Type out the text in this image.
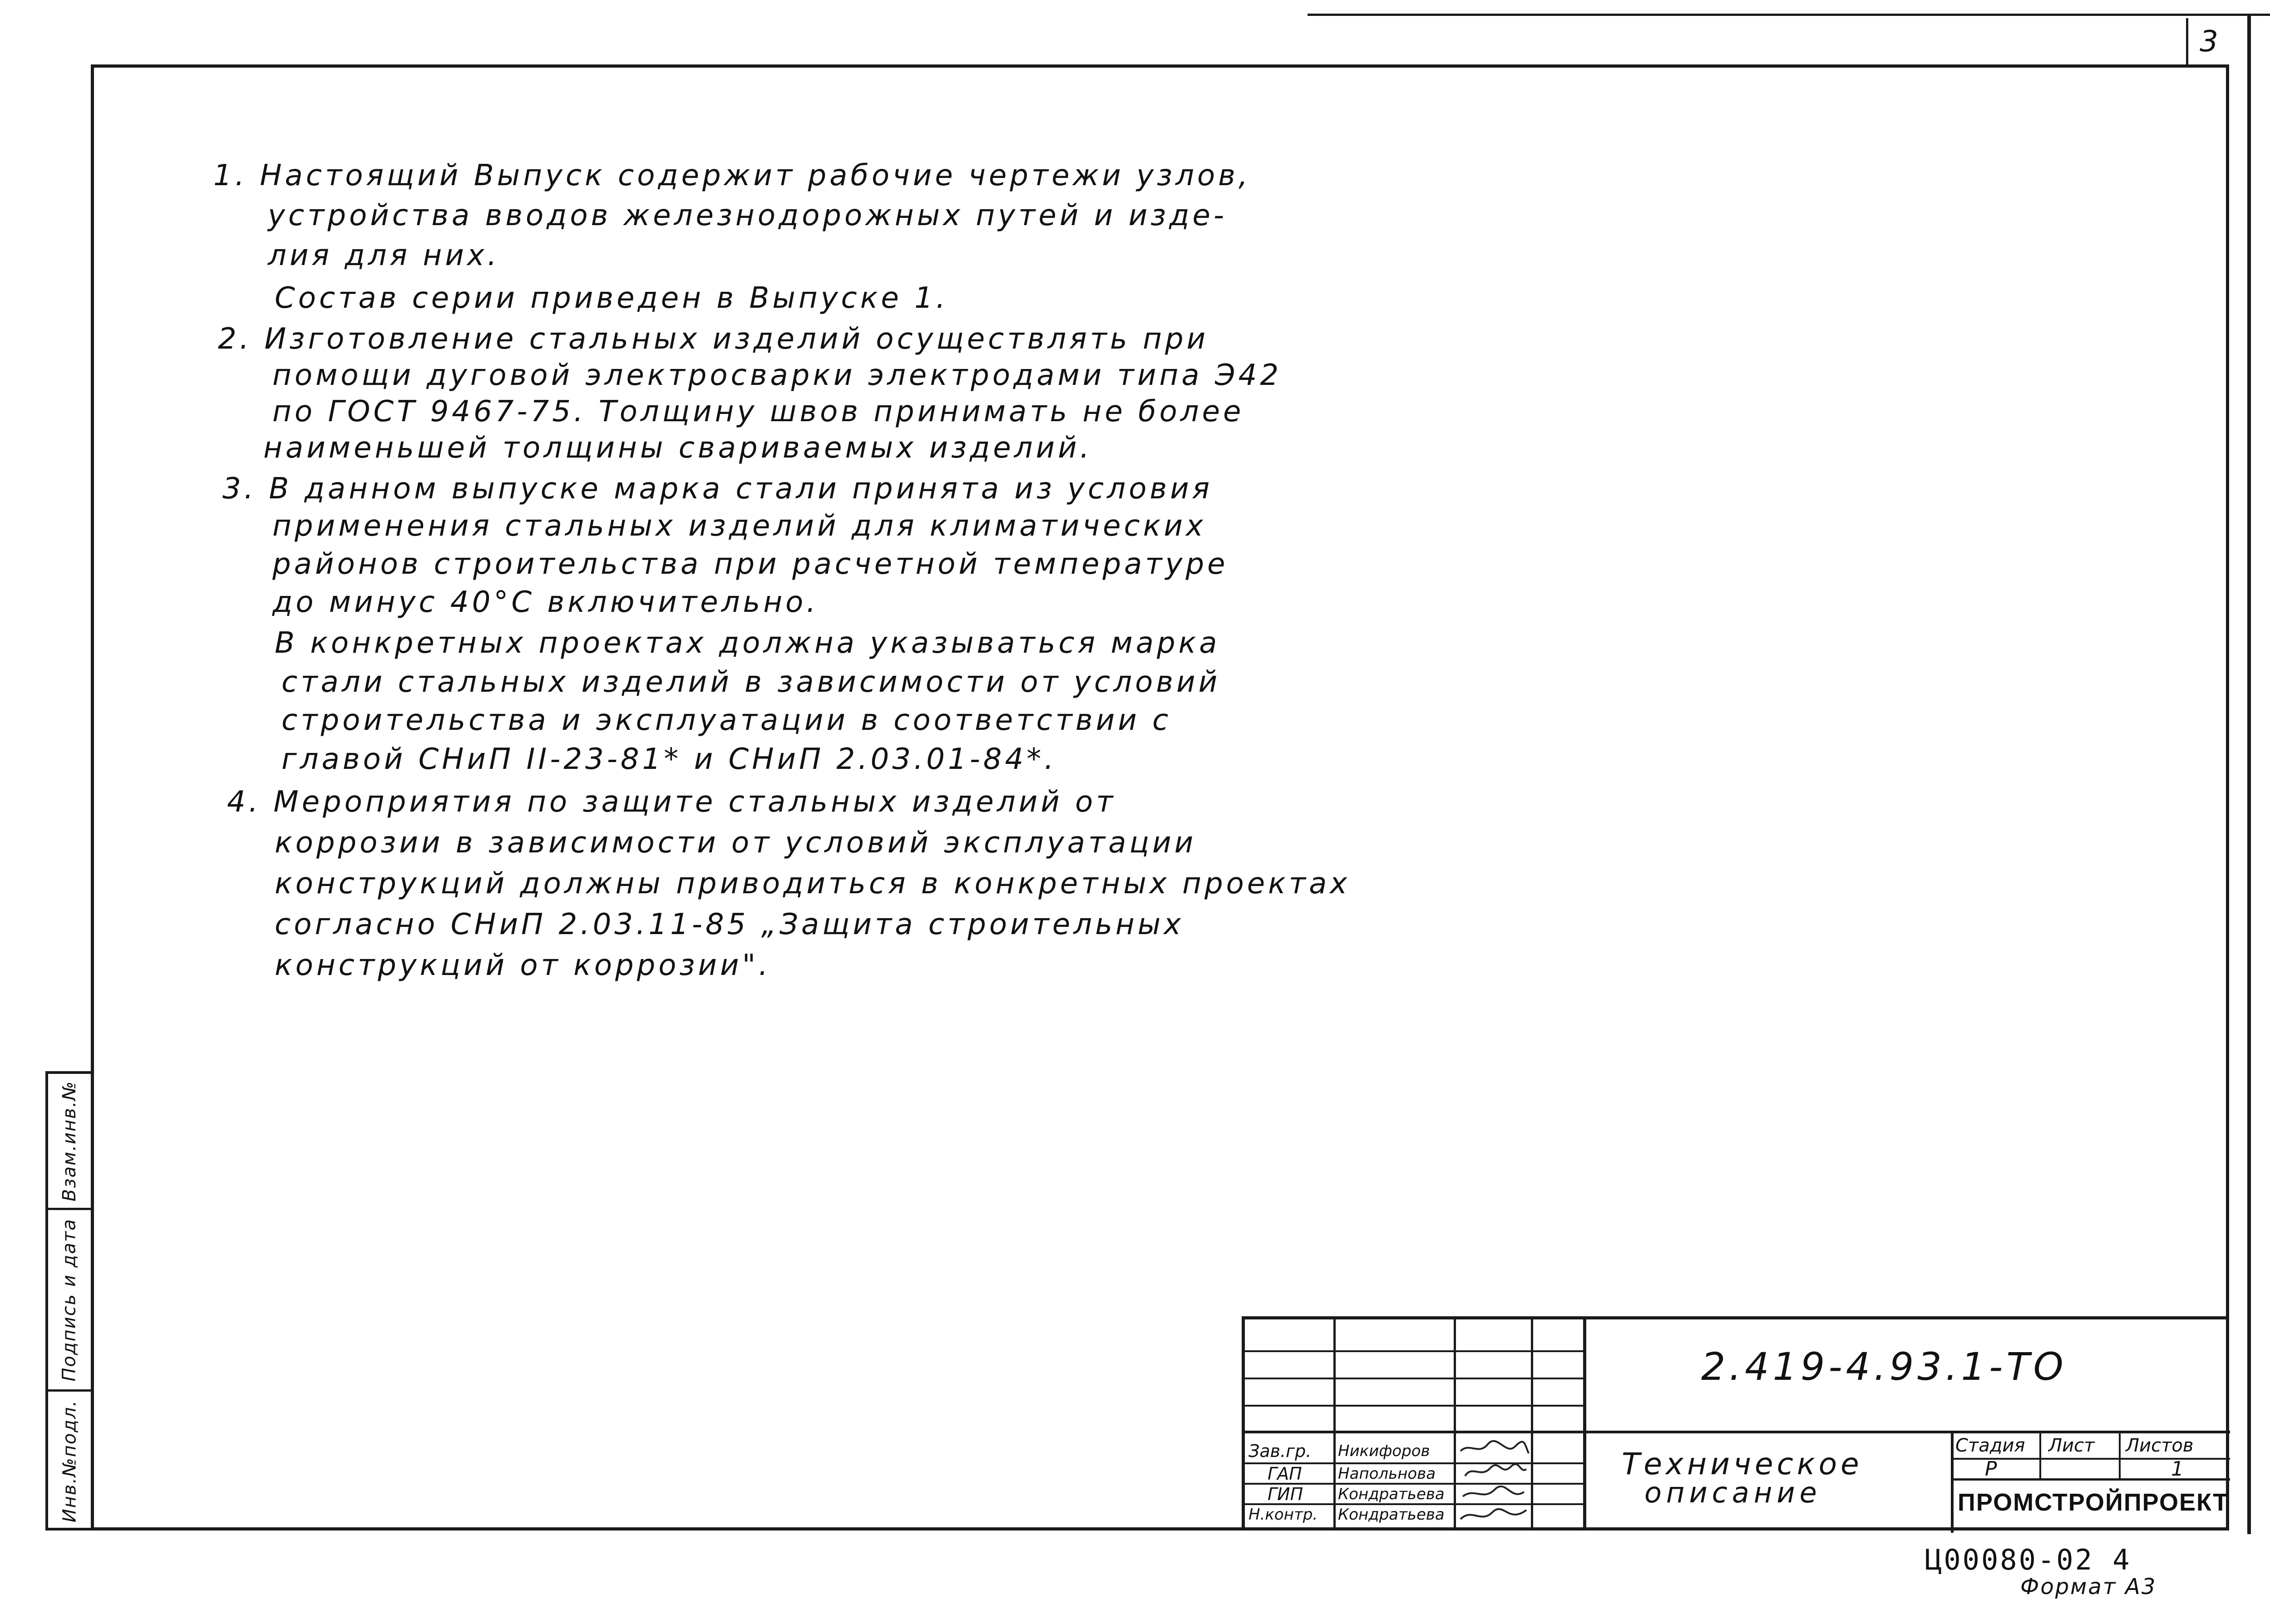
3
1. Настоящий Выпуск содержит рабочие чертежи узлов,
устройства вводов железнодорожных путей и изде-
лия для них.
Состав серии приведен в Выпуске 1.
2. Изготовление стальных изделий осуществлять при
помощи дуговой электросварки электродами типа Э42
по ГОСТ 9467-75. Толщину швов принимать не более
наименьшей толщины свариваемых изделий.
3. В данном выпуске марка стали принята из условия
применения стальных изделий для климатических
районов строительства при расчетной температуре
до минус 40°С включительно.
В конкретных проектах должна указываться марка
стали стальных изделий в зависимости от условий
строительства и эксплуатации в соответствии с
главой СНиП II-23-81* и СНиП 2.03.01-84*.
4. Мероприятия по защите стальных изделий от
коррозии в зависимости от условий эксплуатации
конструкций должны приводиться в конкретных проектах
согласно СНиП 2.03.11-85 „Защита строительных
конструкций от коррозии".
Взам.инв.№
Подпись и дата
Инв.№подл.
2.419-4.93.1-ТО
Техническое
описание
Стадия Лист Листов
Р	1
ПРОМСТРОЙПРОЕКТ
Зав.гр. Никифоров
ГАП Напольнова
ГИП Кондратьева
Н.контр. Кондратьева
Ц00080-02 4
Формат А3
